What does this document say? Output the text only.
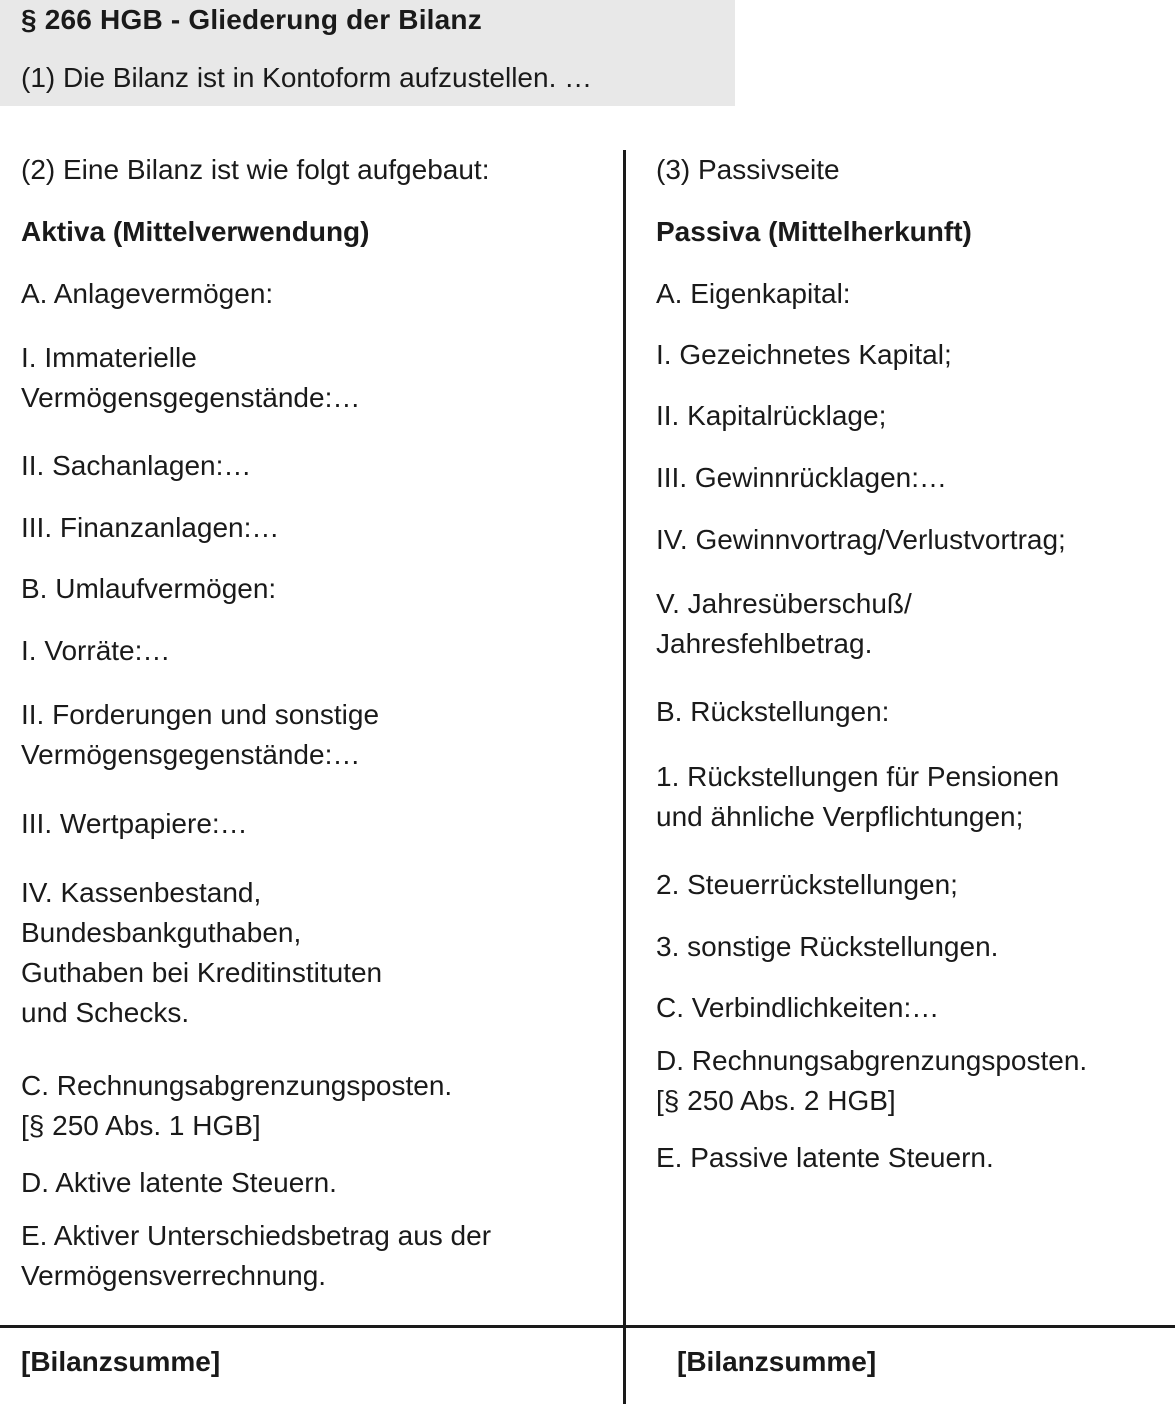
§ 266 HGB - Gliederung der Bilanz
(1) Die Bilanz ist in Kontoform aufzustellen. …
(2) Eine Bilanz ist wie folgt aufgebaut:
Aktiva (Mittelverwendung)
A. Anlagevermögen:
I. Immaterielle
Vermögensgegenstände:…
II. Sachanlagen:…
III. Finanzanlagen:…
B. Umlaufvermögen:
I. Vorräte:…
II. Forderungen und sonstige
Vermögensgegenstände:…
III. Wertpapiere:…
IV. Kassenbestand,
Bundesbankguthaben,
Guthaben bei Kreditinstituten
und Schecks.
C. Rechnungsabgrenzungsposten.
[§ 250 Abs. 1 HGB]
D. Aktive latente Steuern.
E. Aktiver Unterschiedsbetrag aus der
Vermögensverrechnung.
[Bilanzsumme]
(3) Passivseite
Passiva (Mittelherkunft)
A. Eigenkapital:
I. Gezeichnetes Kapital;
II. Kapitalrücklage;
III. Gewinnrücklagen:…
IV. Gewinnvortrag/Verlustvortrag;
V. Jahresüberschuß/
Jahresfehlbetrag.
B. Rückstellungen:
1. Rückstellungen für Pensionen
und ähnliche Verpflichtungen;
2. Steuerrückstellungen;
3. sonstige Rückstellungen.
C. Verbindlichkeiten:…
D. Rechnungsabgrenzungsposten.
[§ 250 Abs. 2 HGB]
E. Passive latente Steuern.
[Bilanzsumme]
